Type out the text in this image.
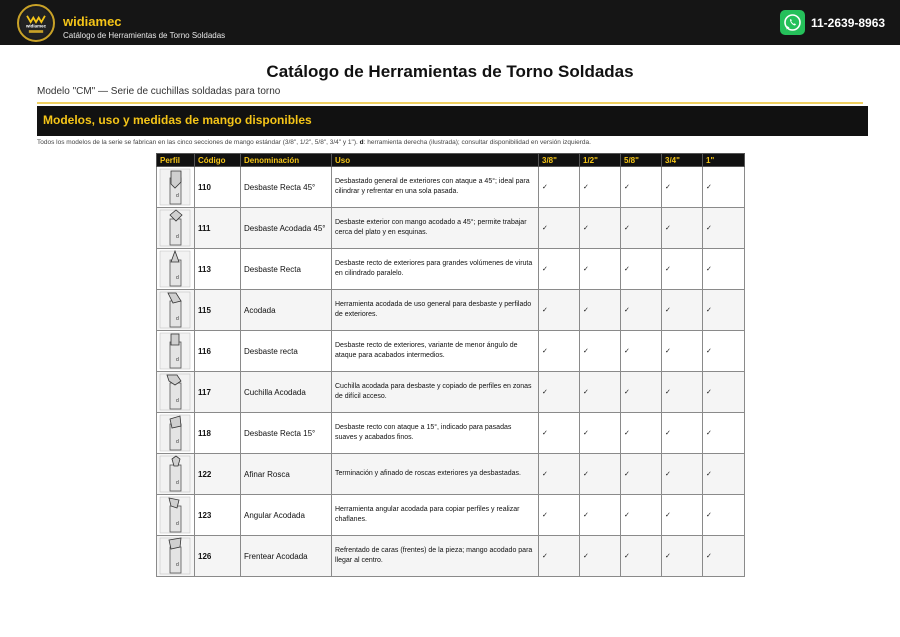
widiamec widiamec
Catálogo de Herramientas de Torno Soldadas
11-2639-8963
Catálogo de Herramientas de Torno Soldadas
Modelo "CM" — Serie de cuchillas soldadas para torno
Modelos, uso y medidas de mango disponibles
Todos los modelos de la serie se fabrican en las cinco secciones de mango estándar (3/8", 1/2", 5/8", 3/4" y 1"). d: herramienta derecha (ilustrada); consultar disponibilidad en versión izquierda.
Perfil	Código	Denominación	Uso	3/8"	1/2"	5/8"	3/4"	1"

d	110	Desbaste Recta 45°	Desbastado general de exteriores con ataque a 45°; ideal para cilindrar y refrentar en una sola pasada.	✓	✓	✓	✓	✓

d	111	Desbaste Acodada 45°	Desbaste exterior con mango acodado a 45°; permite trabajar cerca del plato y en esquinas.	✓	✓	✓	✓	✓

d	113	Desbaste Recta	Desbaste recto de exteriores para grandes volúmenes de viruta en cilindrado paralelo.	✓	✓	✓	✓	✓

d	115	Acodada	Herramienta acodada de uso general para desbaste y perfilado de exteriores.	✓	✓	✓	✓	✓

d	116	Desbaste recta	Desbaste recto de exteriores, variante de menor ángulo de ataque para acabados intermedios.	✓	✓	✓	✓	✓

d	117	Cuchilla Acodada	Cuchilla acodada para desbaste y copiado de perfiles en zonas de difícil acceso.	✓	✓	✓	✓	✓

d	118	Desbaste Recta 15°	Desbaste recto con ataque a 15°, indicado para pasadas suaves y acabados finos.	✓	✓	✓	✓	✓

d	122	Afinar Rosca	Terminación y afinado de roscas exteriores ya desbastadas.	✓	✓	✓	✓	✓

d	123	Angular Acodada	Herramienta angular acodada para copiar perfiles y realizar chaflanes.	✓	✓	✓	✓	✓

d	126	Frentear Acodada	Refrentado de caras (frentes) de la pieza; mango acodado para llegar al centro.	✓	✓	✓	✓	✓
